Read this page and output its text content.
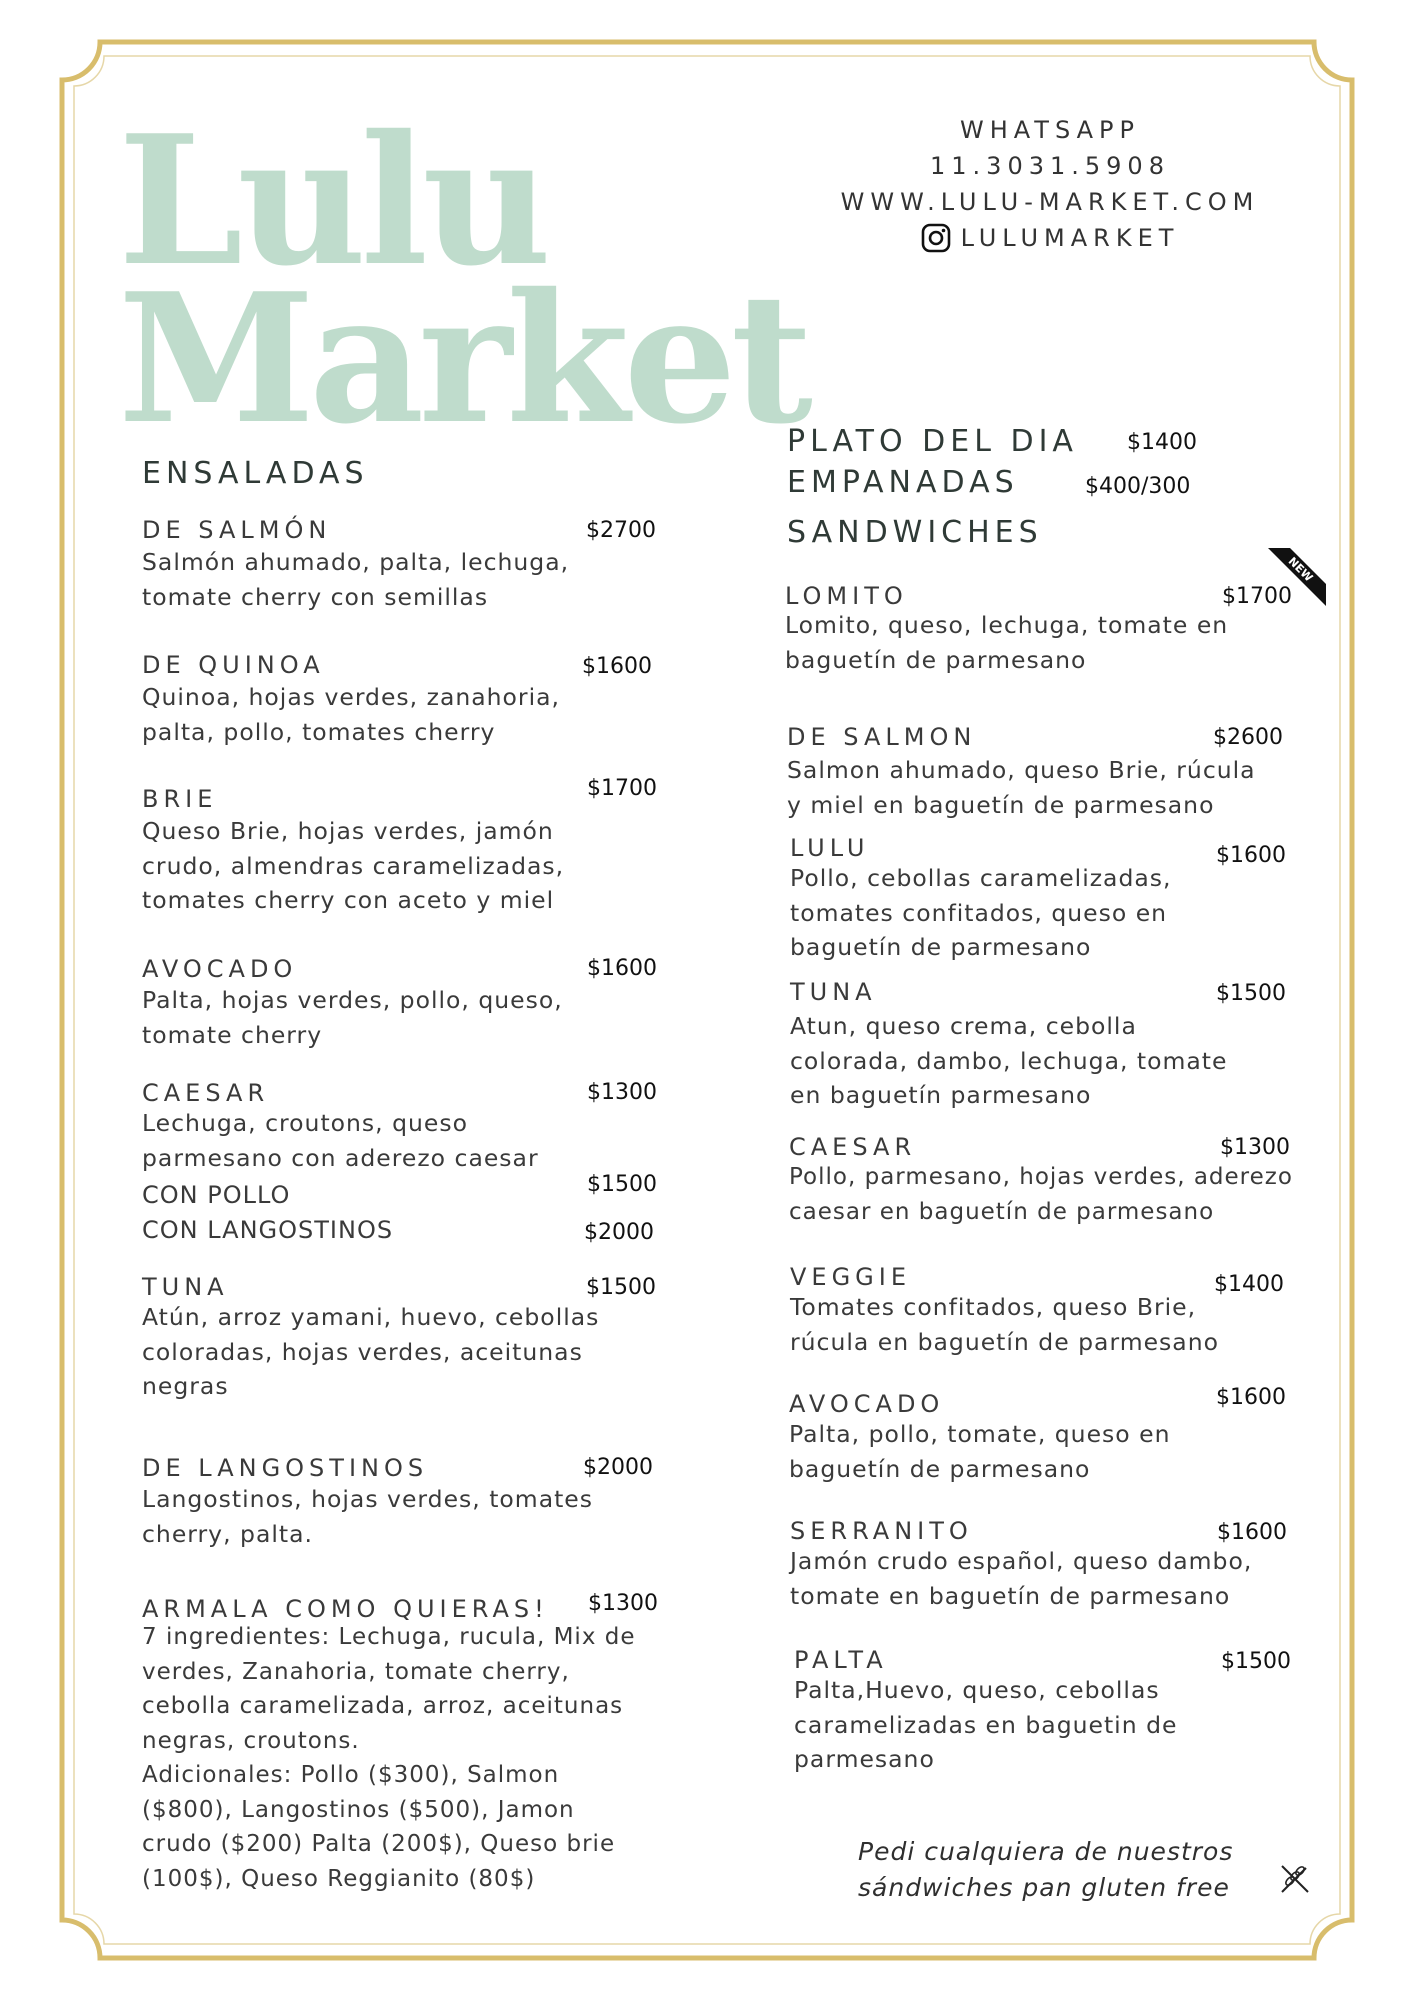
Lulu
Market
WHATSAPP
11.3031.5908
WWW.LULU-MARKET.COM
LULUMARKET
ENSALADAS
DE SALMÓN	$2700
Salmón ahumado, palta, lechuga,
tomate cherry con semillas
DE QUINOA	$1600
Quinoa, hojas verdes, zanahoria,
palta, pollo, tomates cherry
BRIE	$1700
Queso Brie, hojas verdes, jamón
crudo, almendras caramelizadas,
tomates cherry con aceto y miel
AVOCADO	$1600
Palta, hojas verdes, pollo, queso,
tomate cherry
CAESAR	$1300
Lechuga, croutons, queso
parmesano con aderezo caesar
CON POLLO	$1500
CON LANGOSTINOS	$2000
TUNA	$1500
Atún, arroz yamani, huevo, cebollas
coloradas, hojas verdes, aceitunas
negras
DE LANGOSTINOS	$2000
Langostinos, hojas verdes, tomates
cherry, palta.
ARMALA COMO QUIERAS! $1300
7 ingredientes: Lechuga, rucula, Mix de
verdes, Zanahoria, tomate cherry,
cebolla caramelizada, arroz, aceitunas
negras, croutons.
Adicionales: Pollo ($300), Salmon
($800), Langostinos ($500), Jamon
crudo ($200) Palta (200$), Queso brie
(100$), Queso Reggianito (80$)
PLATO DEL DIA $1400
EMPANADAS	$400/300
SANDWICHES
NEW
LOMITO	$1700
Lomito, queso, lechuga, tomate en
baguetín de parmesano
DE SALMON	$2600
Salmon ahumado, queso Brie, rúcula
y miel en baguetín de parmesano
LULU	$1600
Pollo, cebollas caramelizadas,
tomates confitados, queso en
baguetín de parmesano
TUNA	$1500
Atun, queso crema, cebolla
colorada, dambo, lechuga, tomate
en baguetín parmesano
CAESAR	$1300
Pollo, parmesano, hojas verdes, aderezo
caesar en baguetín de parmesano
VEGGIE	$1400
Tomates confitados, queso Brie,
rúcula en baguetín de parmesano
AVOCADO	$1600
Palta, pollo, tomate, queso en
baguetín de parmesano
SERRANITO	$1600
Jamón crudo español, queso dambo,
tomate en baguetín de parmesano
PALTA	$1500
Palta,Huevo, queso, cebollas
caramelizadas en baguetin de
parmesano
Pedi cualquiera de nuestros
sándwiches pan gluten free
